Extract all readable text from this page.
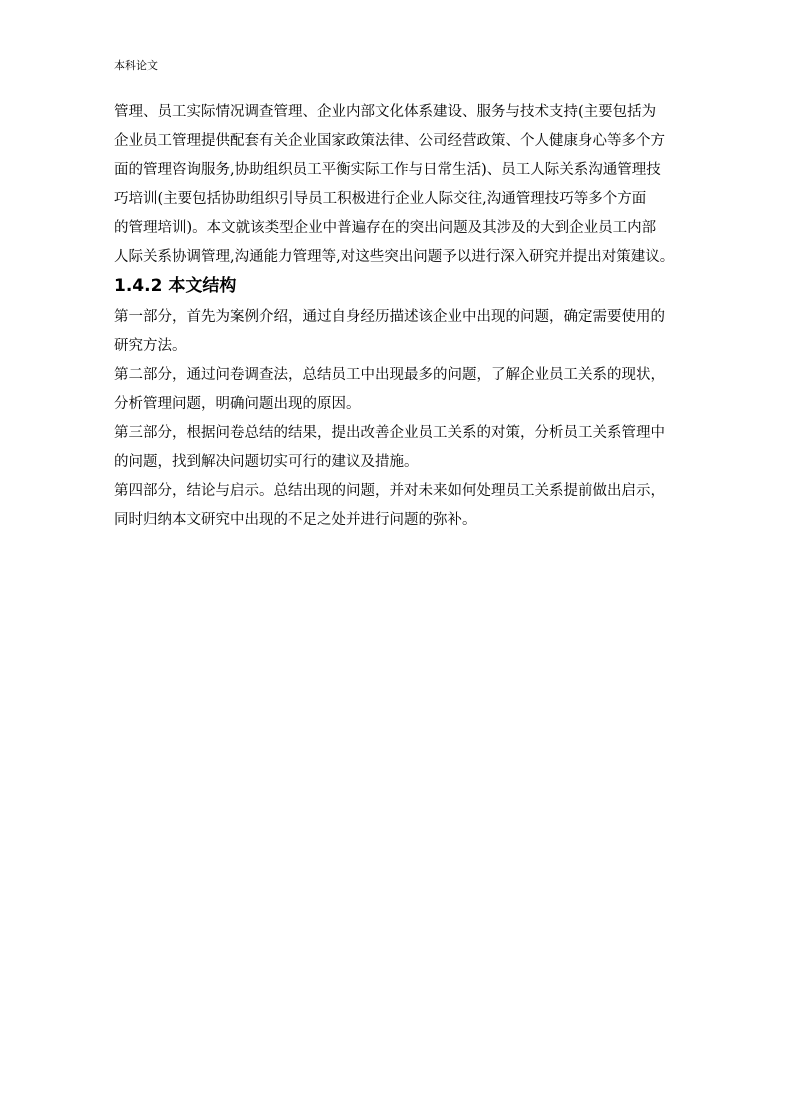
本科论文
管理、员工实际情况调查管理、企业内部文化体系建设、服务与技术支持(主要包括为
企业员工管理提供配套有关企业国家政策法律、公司经营政策、个人健康身心等多个方
面的管理咨询服务,协助组织员工平衡实际工作与日常生活)、员工人际关系沟通管理技
巧培训(主要包括协助组织引导员工积极进行企业人际交往,沟通管理技巧等多个方面
的管理培训)。本文就该类型企业中普遍存在的突出问题及其涉及的大到企业员工内部
人际关系协调管理,沟通能力管理等,对这些突出问题予以进行深入研究并提出对策建议。
1.4.2 本文结构
第一部分，首先为案例介绍，通过自身经历描述该企业中出现的问题，确定需要使用的
研究方法。
第二部分，通过问卷调查法，总结员工中出现最多的问题，了解企业员工关系的现状，
分析管理问题，明确问题出现的原因。
第三部分，根据问卷总结的结果，提出改善企业员工关系的对策，分析员工关系管理中
的问题，找到解决问题切实可行的建议及措施。
第四部分，结论与启示。总结出现的问题，并对未来如何处理员工关系提前做出启示，
同时归纳本文研究中出现的不足之处并进行问题的弥补。
